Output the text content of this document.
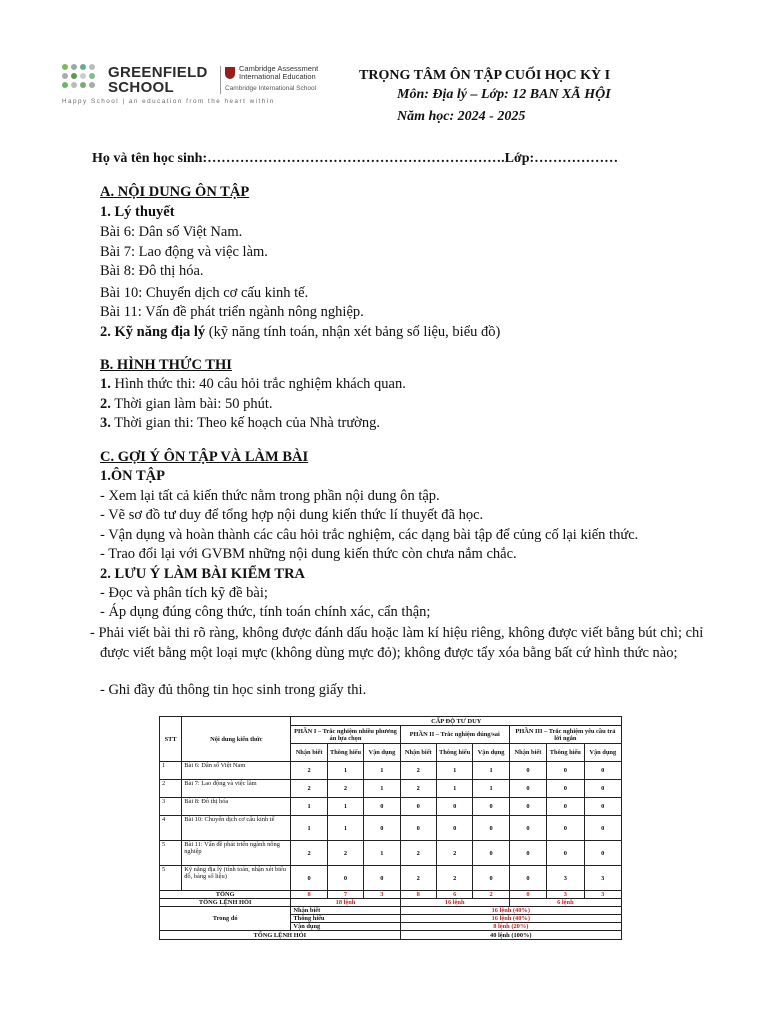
GREENFIELD
SCHOOL
Cambridge Assessment
International Education
Cambridge International School
Happy School | an education from the heart within
TRỌNG TÂM ÔN TẬP CUỐI HỌC KỲ I
Môn: Địa lý – Lớp: 12 BAN XÃ HỘI
Năm học: 2024 - 2025
Họ và tên học sinh:……………………………………………………….Lớp:………………
A. NỘI DUNG ÔN TẬP
1. Lý thuyết
Bài 6: Dân số Việt Nam.
Bài 7: Lao động và việc làm.
Bài 8: Đô thị hóa.
Bài 10: Chuyển dịch cơ cấu kinh tế.
Bài 11: Vấn đề phát triển ngành nông nghiệp.
2. Kỹ năng địa lý (kỹ năng tính toán, nhận xét bảng số liệu, biểu đồ)
B. HÌNH THỨC THI
1. Hình thức thi: 40 câu hỏi trắc nghiệm khách quan.
2. Thời gian làm bài: 50 phút.
3. Thời gian thi: Theo kế hoạch của Nhà trường.
C. GỢI Ý ÔN TẬP VÀ LÀM BÀI
1.ÔN TẬP
- Xem lại tất cả kiến thức nằm trong phần nội dung ôn tập.
- Vẽ sơ đồ tư duy để tổng hợp nội dung kiến thức lí thuyết đã học.
- Vận dụng và hoàn thành các câu hỏi trắc nghiệm, các dạng bài tập để củng cố lại kiến thức.
- Trao đổi lại với GVBM những nội dung kiến thức còn chưa nắm chắc.
2. LƯU Ý LÀM BÀI KIỂM TRA
- Đọc và phân tích kỹ đề bài;
- Áp dụng đúng công thức, tính toán chính xác, cẩn thận;
- Phải viết bài thi rõ ràng, không được đánh dấu hoặc làm kí hiệu riêng, không được viết bằng bút chì; chỉ được viết bằng một loại mực (không dùng mực đỏ); không được tẩy xóa bằng bất cứ hình thức nào;
- Ghi đầy đủ thông tin học sinh trong giấy thi.
STT	Nội dung kiến thức	CẤP ĐỘ TƯ DUY								
		PHẦN I – Trắc nghiệm nhiều phương án lựa chọn			PHẦN II – Trắc nghiệm đúng/sai			PHẦN III – Trắc nghiệm yêu cầu trả lời ngắn		
		Nhận biết	Thông hiểu	Vận dụng	Nhận biết	Thông hiểu	Vận dụng	Nhận biết	Thông hiểu	Vận dụng
1	Bài 6: Dân số Việt Nam	2	1	1	2	1	1	0	0	0
2	Bài 7: Lao động và việc làm	2	2	1	2	1	1	0	0	0
3	Bài 8: Đô thị hóa	1	1	0	0	0	0	0	0	0
4	Bài 10: Chuyển dịch cơ cấu kinh tế	1	1	0	0	0	0	0	0	0
5	Bài 11: Vấn đề phát triển ngành nông nghiệp	2	2	1	2	2	0	0	0	0
5	Kỹ năng địa lý (tính toán, nhận xét biểu đồ, bảng số liệu)	0	0	0	2	2	0	0	3	3
TỔNG		8	7	3	8	6	2	0	3	3
TỔNG LỆNH HỎI		18 lệnh			16 lệnh			6 lệnh		
Trong đó		Nhận biết			16 lệnh (40%)					
		Thông hiểu			16 lệnh (40%)					
		Vận dụng			8 lệnh (20%)					
TỔNG LỆNH HỎI					40 lệnh (100%)					
